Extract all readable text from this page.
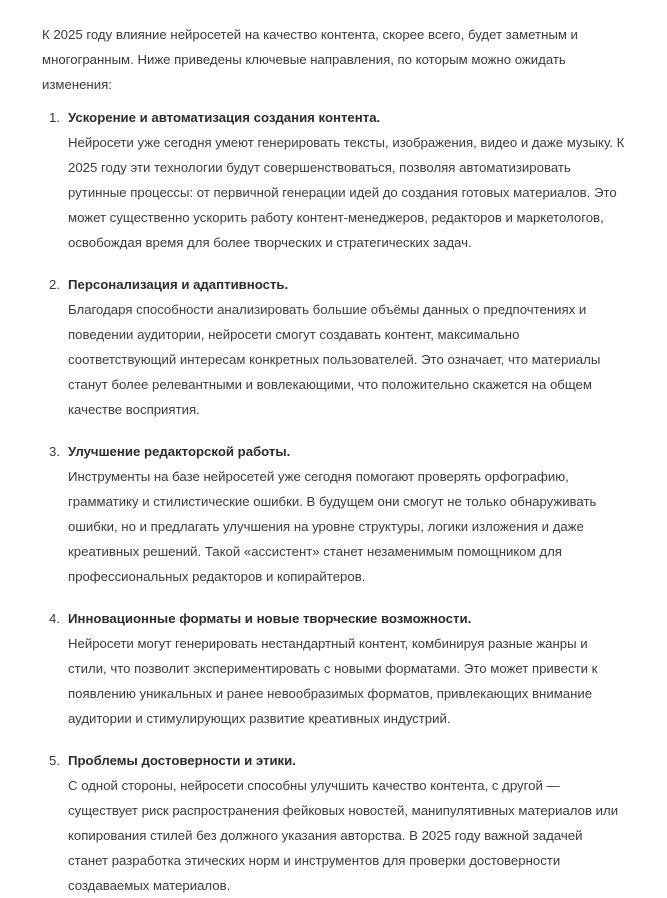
К 2025 году влияние нейросетей на качество контента, скорее всего, будет заметным и многогранным. Ниже приведены ключевые направления, по которым можно ожидать изменения:

Ускорение и автоматизация создания контента.
Нейросети уже сегодня умеют генерировать тексты, изображения, видео и даже музыку. К 2025 году эти технологии будут совершенствоваться, позволяя автоматизировать рутинные процессы: от первичной генерации идей до создания готовых материалов. Это может существенно ускорить работу контент-менеджеров, редакторов и маркетологов, освобождая время для более творческих и стратегических задач.
Персонализация и адаптивность.
Благодаря способности анализировать большие объёмы данных о предпочтениях и поведении аудитории, нейросети смогут создавать контент, максимально соответствующий интересам конкретных пользователей. Это означает, что материалы станут более релевантными и вовлекающими, что положительно скажется на общем качестве восприятия.
Улучшение редакторской работы.
Инструменты на базе нейросетей уже сегодня помогают проверять орфографию, грамматику и стилистические ошибки. В будущем они смогут не только обнаруживать ошибки, но и предлагать улучшения на уровне структуры, логики изложения и даже креативных решений. Такой «ассистент» станет незаменимым помощником для профессиональных редакторов и копирайтеров.
Инновационные форматы и новые творческие возможности.
Нейросети могут генерировать нестандартный контент, комбинируя разные жанры и стили, что позволит экспериментировать с новыми форматами. Это может привести к появлению уникальных и ранее невообразимых форматов, привлекающих внимание аудитории и стимулирующих развитие креативных индустрий.
Проблемы достоверности и этики.
С одной стороны, нейросети способны улучшить качество контента, с другой — существует риск распространения фейковых новостей, манипулятивных материалов или копирования стилей без должного указания авторства. В 2025 году важной задачей станет разработка этических норм и инструментов для проверки достоверности создаваемых материалов.
